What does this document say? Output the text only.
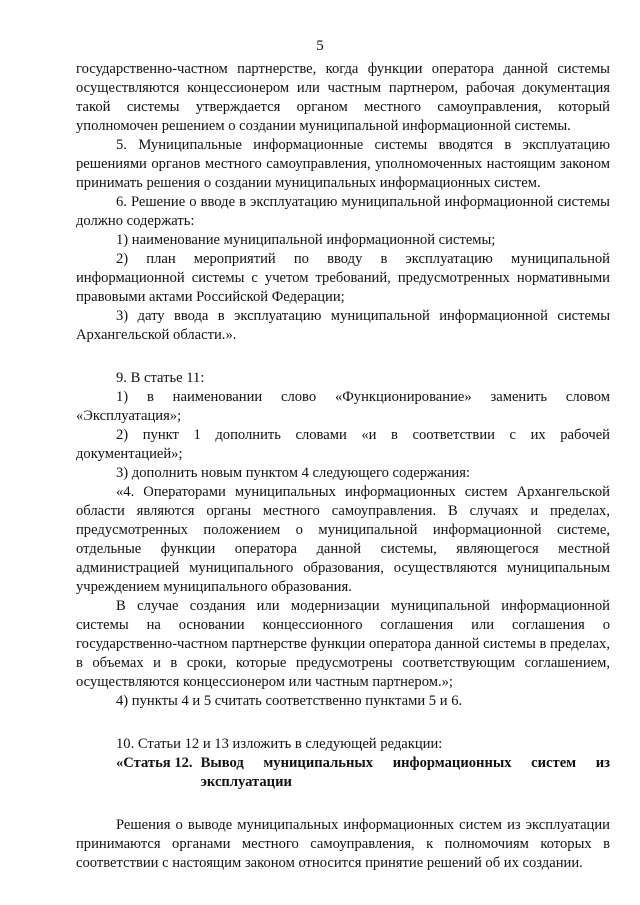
5

государственно-частном партнерстве, когда функции оператора данной системы осуществляются концессионером или частным партнером, рабочая документация такой системы утверждается органом местного самоуправления, который уполномочен решением о создании муниципальной информационной системы.

5. Муниципальные информационные системы вводятся в эксплуатацию решениями органов местного самоуправления, уполномоченных настоящим законом принимать решения о создании муниципальных информационных систем.

6. Решение о вводе в эксплуатацию муниципальной информационной системы должно содержать:

1) наименование муниципальной информационной системы;

2) план мероприятий по вводу в эксплуатацию муниципальной информационной системы с учетом требований, предусмотренных нормативными правовыми актами Российской Федерации;

3) дату ввода в эксплуатацию муниципальной информационной системы Архангельской области.».

9. В статье 11:

1) в наименовании слово «Функционирование» заменить словом «Эксплуатация»;

2) пункт 1 дополнить словами «и в соответствии с их рабочей документацией»;

3) дополнить новым пунктом 4 следующего содержания:

«4. Операторами муниципальных информационных систем Архангельской области являются органы местного самоуправления. В случаях и пределах, предусмотренных положением о муниципальной информационной системе, отдельные функции оператора данной системы, являющегося местной администрацией муниципального образования, осуществляются муниципальным учреждением муниципального образования.

В случае создания или модернизации муниципальной информационной системы на основании концессионного соглашения или соглашения о государственно-частном партнерстве функции оператора данной системы в пределах, в объемах и в сроки, которые предусмотрены соответствующим соглашением, осуществляются концессионером или частным партнером.»;

4) пункты 4 и 5 считать соответственно пунктами 5 и 6.

10. Статьи 12 и 13 изложить в следующей редакции:

«Статья 12. Вывод муниципальных информационных систем из эксплуатации

Решения о выводе муниципальных информационных систем из эксплуатации принимаются органами местного самоуправления, к полномочиям которых в соответствии с настоящим законом относится принятие решений об их создании.
